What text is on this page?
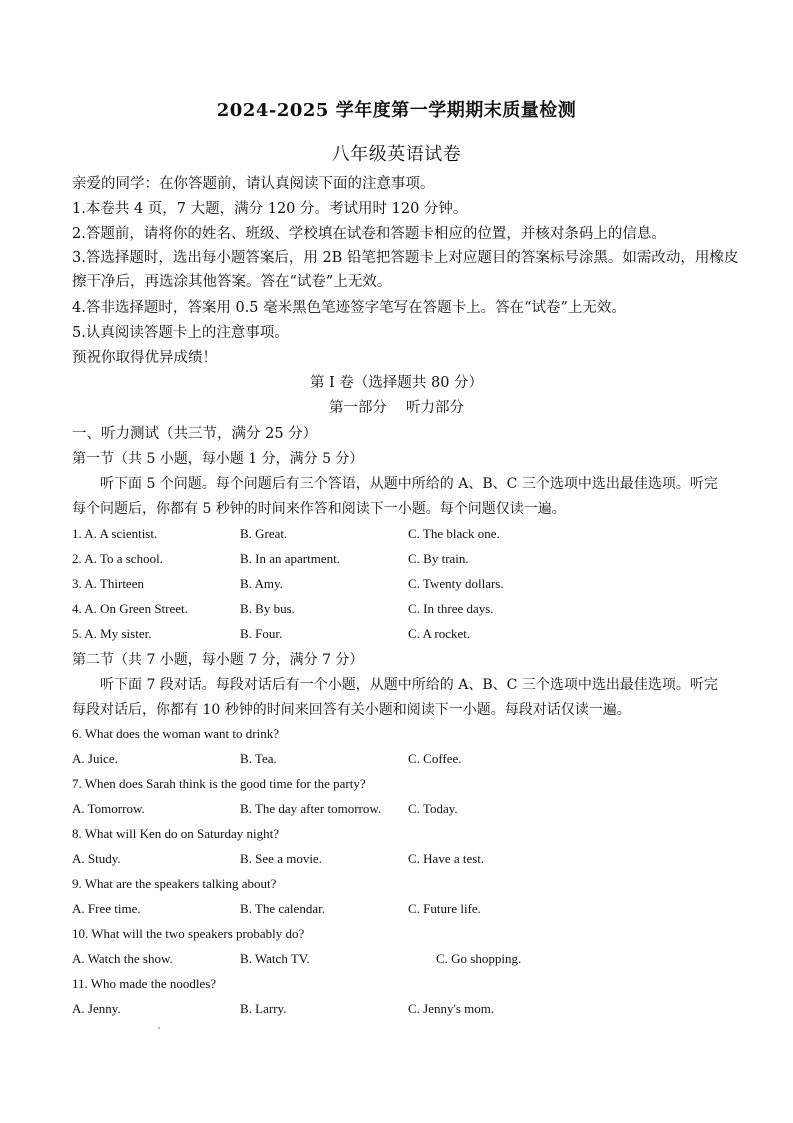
2024-2025 学年度第一学期期末质量检测
八年级英语试卷
亲爱的同学：在你答题前，请认真阅读下面的注意事项。
1.本卷共 4 页，7 大题，满分 120 分。考试用时 120 分钟。
2.答题前，请将你的姓名、班级、学校填在试卷和答题卡相应的位置，并核对条码上的信息。
3.答选择题时，选出每小题答案后，用 2B 铅笔把答题卡上对应题目的答案标号涂黑。如需改动，用橡皮擦干净后，再选涂其他答案。答在“试卷”上无效。
4.答非选择题时，答案用 0.5 毫米黑色笔迹签字笔写在答题卡上。答在“试卷”上无效。
5.认真阅读答题卡上的注意事项。
预祝你取得优异成绩！
第 I 卷（选择题共 80 分）
第一部分　 听力部分
一、听力测试（共三节，满分 25 分）
第一节（共 5 小题，每小题 1 分，满分 5 分）
听下面 5 个问题。每个问题后有三个答语，从题中所给的 A、B、C 三个选项中选出最佳选项。听完每个问题后，你都有 5 秒钟的时间来作答和阅读下一小题。每个问题仅读一遍。
1. A. A scientist.	B. Great.	C. The black one.
2. A. To a school.	B. In an apartment.	C. By train.
3. A. Thirteen	B. Amy.	C. Twenty dollars.
4. A. On Green Street.	B. By bus.	C. In three days.
5. A. My sister.	B. Four.	C. A rocket.
第二节（共 7 小题，每小题 7 分，满分 7 分）
听下面 7 段对话。每段对话后有一个小题，从题中所给的 A、B、C 三个选项中选出最佳选项。听完每段对话后，你都有 10 秒钟的时间来回答有关小题和阅读下一小题。每段对话仅读一遍。
6. What does the woman want to drink?
A. Juice.	B. Tea.	C. Coffee.
7. When does Sarah think is the good time for the party?
A. Tomorrow.	B. The day after tomorrow. C. Today.
8. What will Ken do on Saturday night?
A. Study.	B. See a movie.	C. Have a test.
9. What are the speakers talking about?
A. Free time.	B. The calendar.	C. Future life.
10. What will the two speakers probably do?
A. Watch the show.	B. Watch TV.	C. Go shopping.
11. Who made the noodles?
A. Jenny.	B. Larry.	C. Jenny's mom.
